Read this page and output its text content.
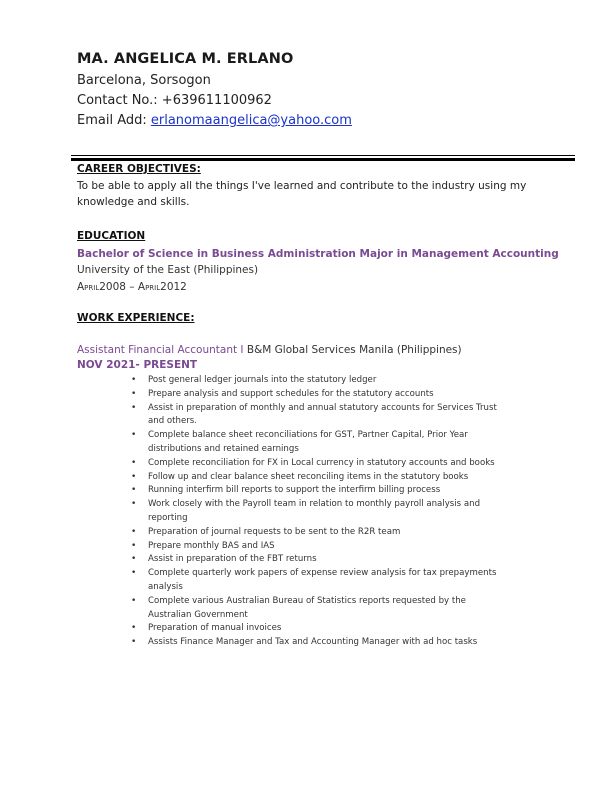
MA. ANGELICA M. ERLANO
Barcelona, Sorsogon
Contact No.: +639611100962
Email Add: erlanomaangelica@yahoo.com
CAREER OBJECTIVES:
To be able to apply all the things I've learned and contribute to the industry using my knowledge and skills.
EDUCATION
Bachelor of Science in Business Administration Major in Management Accounting
University of the East (Philippines)
April2008 – April2012
WORK EXPERIENCE:
Assistant Financial Accountant I B&M Global Services Manila (Philippines)
NOV 2021- PRESENT
• Post general ledger journals into the statutory ledger
• Prepare analysis and support schedules for the statutory accounts
• Assist in preparation of monthly and annual statutory accounts for Services Trust and others.
• Complete balance sheet reconciliations for GST, Partner Capital, Prior Year distributions and retained earnings
• Complete reconciliation for FX in Local currency in statutory accounts and books
• Follow up and clear balance sheet reconciling items in the statutory books
• Running interfirm bill reports to support the interfirm billing process
• Work closely with the Payroll team in relation to monthly payroll analysis and reporting
• Preparation of journal requests to be sent to the R2R team
• Prepare monthly BAS and IAS
• Assist in preparation of the FBT returns
• Complete quarterly work papers of expense review analysis for tax prepayments analysis
• Complete various Australian Bureau of Statistics reports requested by the Australian Government
• Preparation of manual invoices
• Assists Finance Manager and Tax and Accounting Manager with ad hoc tasks
